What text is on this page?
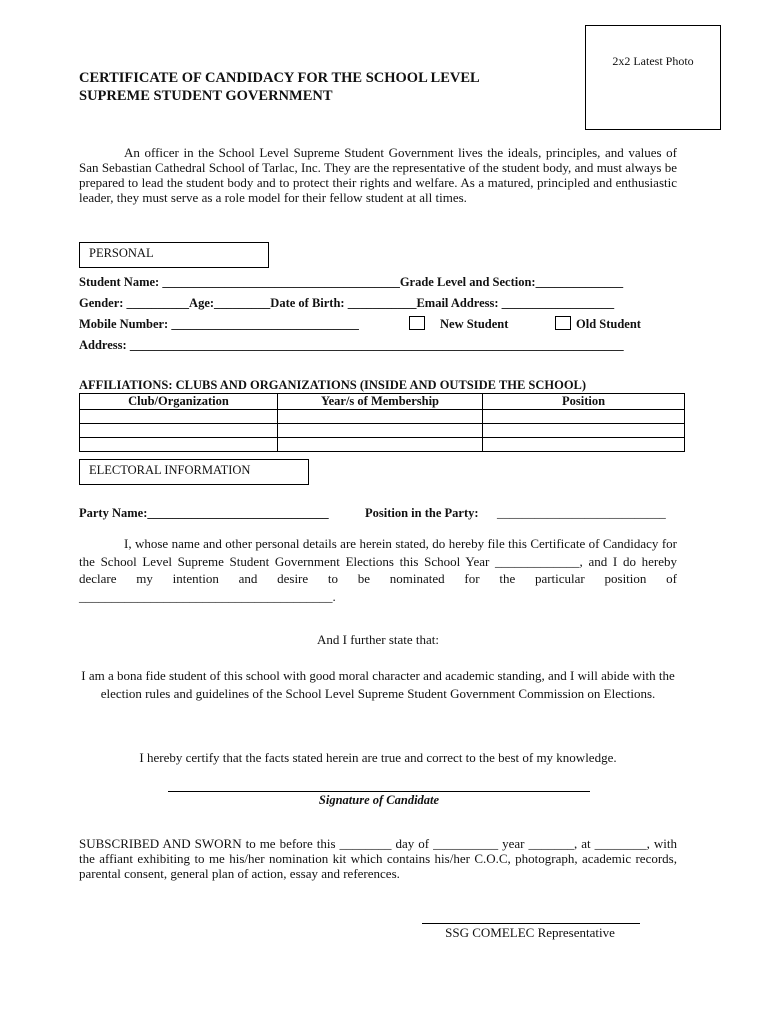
2x2 Latest Photo
CERTIFICATE OF CANDIDACY FOR THE SCHOOL LEVEL
SUPREME STUDENT GOVERNMENT
An officer in the School Level Supreme Student Government lives the ideals, principles, and values of San Sebastian Cathedral School of Tarlac, Inc. They are the representative of the student body, and must always be prepared to lead the student body and to protect their rights and welfare. As a matured, principled and enthusiastic leader, they must serve as a role model for their fellow student at all times.
PERSONAL
Student Name: ______________________________________Grade Level and Section:______________
Gender: __________Age:_________Date of Birth: ___________Email Address: __________________
Mobile Number: ______________________________	New Student	Old Student
Address: _______________________________________________________________________________
AFFILIATIONS: CLUBS AND ORGANIZATIONS (INSIDE AND OUTSIDE THE SCHOOL)
Club/Organization	Year/s of Membership	Position

ELECTORAL INFORMATION
Party Name:_____________________________	Position in the Party: ___________________________
I, whose name and other personal details are herein stated, do hereby file this Certificate of Candidacy for the School Level Supreme Student Government Elections this School Year _____________, and I do hereby declare my intention and desire to be nominated for the particular position of _______________________________________.
And I further state that:
I am a bona fide student of this school with good moral character and academic standing, and I will abide with the election rules and guidelines of the School Level Supreme Student Government Commission on Elections.
I hereby certify that the facts stated herein are true and correct to the best of my knowledge.
Signature of Candidate
SUBSCRIBED AND SWORN to me before this ________ day of __________ year _______, at ________, with the affiant exhibiting to me his/her nomination kit which contains his/her C.O.C, photograph, academic records, parental consent, general plan of action, essay and references.
SSG COMELEC Representative
